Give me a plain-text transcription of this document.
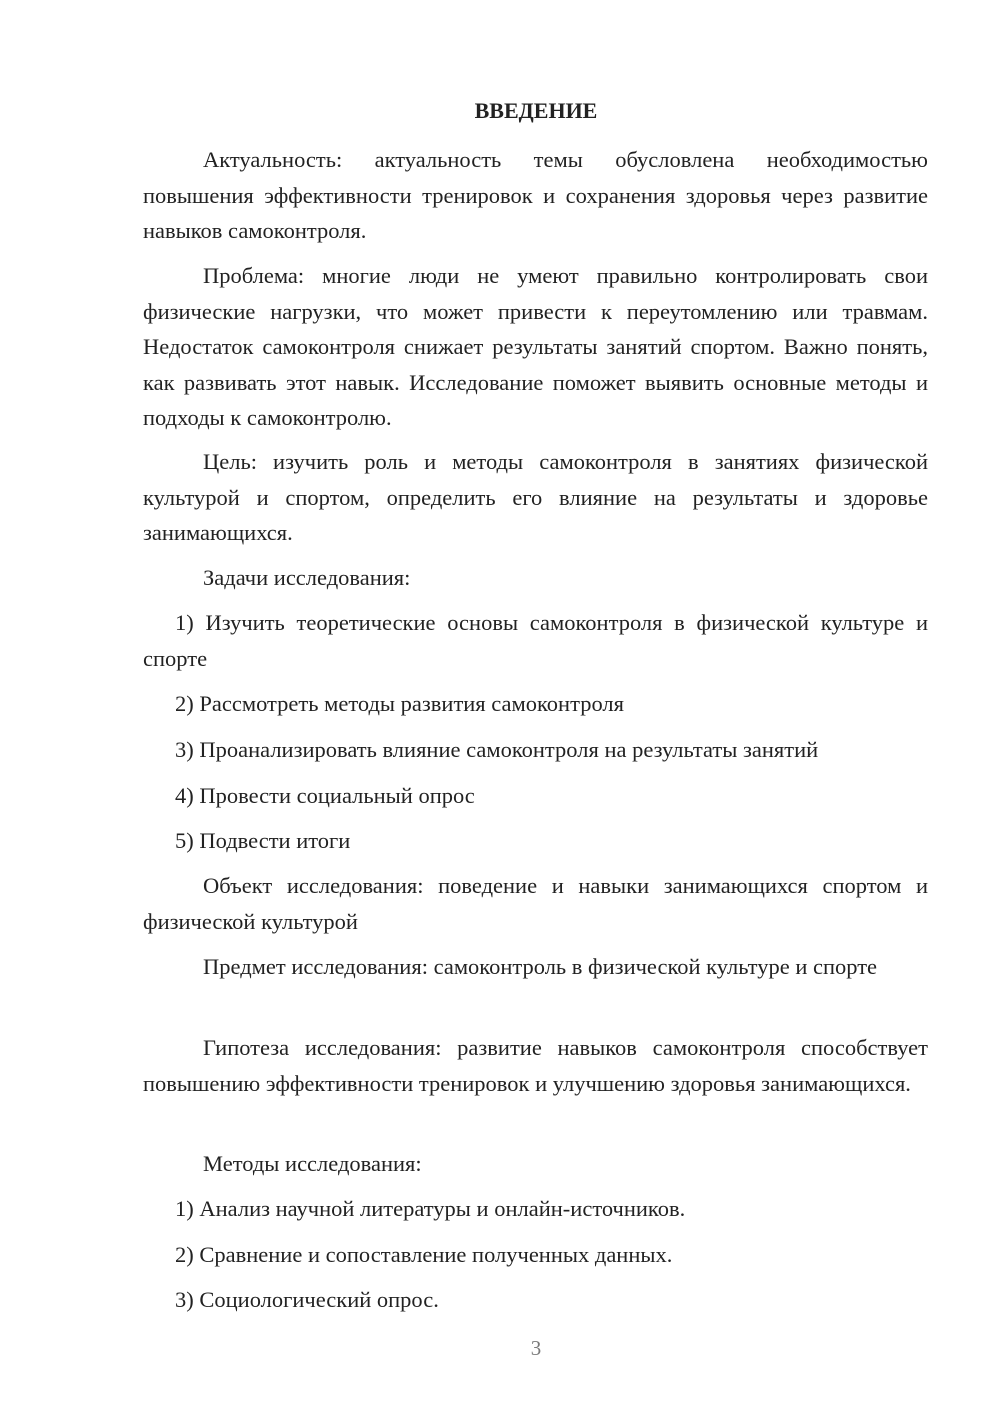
ВВЕДЕНИЕ

Актуальность: актуальность темы обусловлена необходимостью повышения эффективности тренировок и сохранения здоровья через развитие навыков самоконтроля.

Проблема: многие люди не умеют правильно контролировать свои физические нагрузки, что может привести к переутомлению или травмам. Недостаток самоконтроля снижает результаты занятий спортом. Важно понять, как развивать этот навык. Исследование поможет выявить основные методы и подходы к самоконтролю.

Цель: изучить роль и методы самоконтроля в занятиях физической культурой и спортом, определить его влияние на результаты и здоровье занимающихся.

Задачи исследования:

1) Изучить теоретические основы самоконтроля в физической культуре и спорте

2) Рассмотреть методы развития самоконтроля
3) Проанализировать влияние самоконтроля на результаты занятий
4) Провести социальный опрос
5) Подвести итоги

Объект исследования: поведение и навыки занимающихся спортом и физической культурой

Предмет исследования: самоконтроль в физической культуре и спорте

Гипотеза исследования: развитие навыков самоконтроля способствует повышению эффективности тренировок и улучшению здоровья занимающихся.

Методы исследования:

1) Анализ научной литературы и онлайн-источников.
2) Сравнение и сопоставление полученных данных.
3) Социологический опрос.
3
